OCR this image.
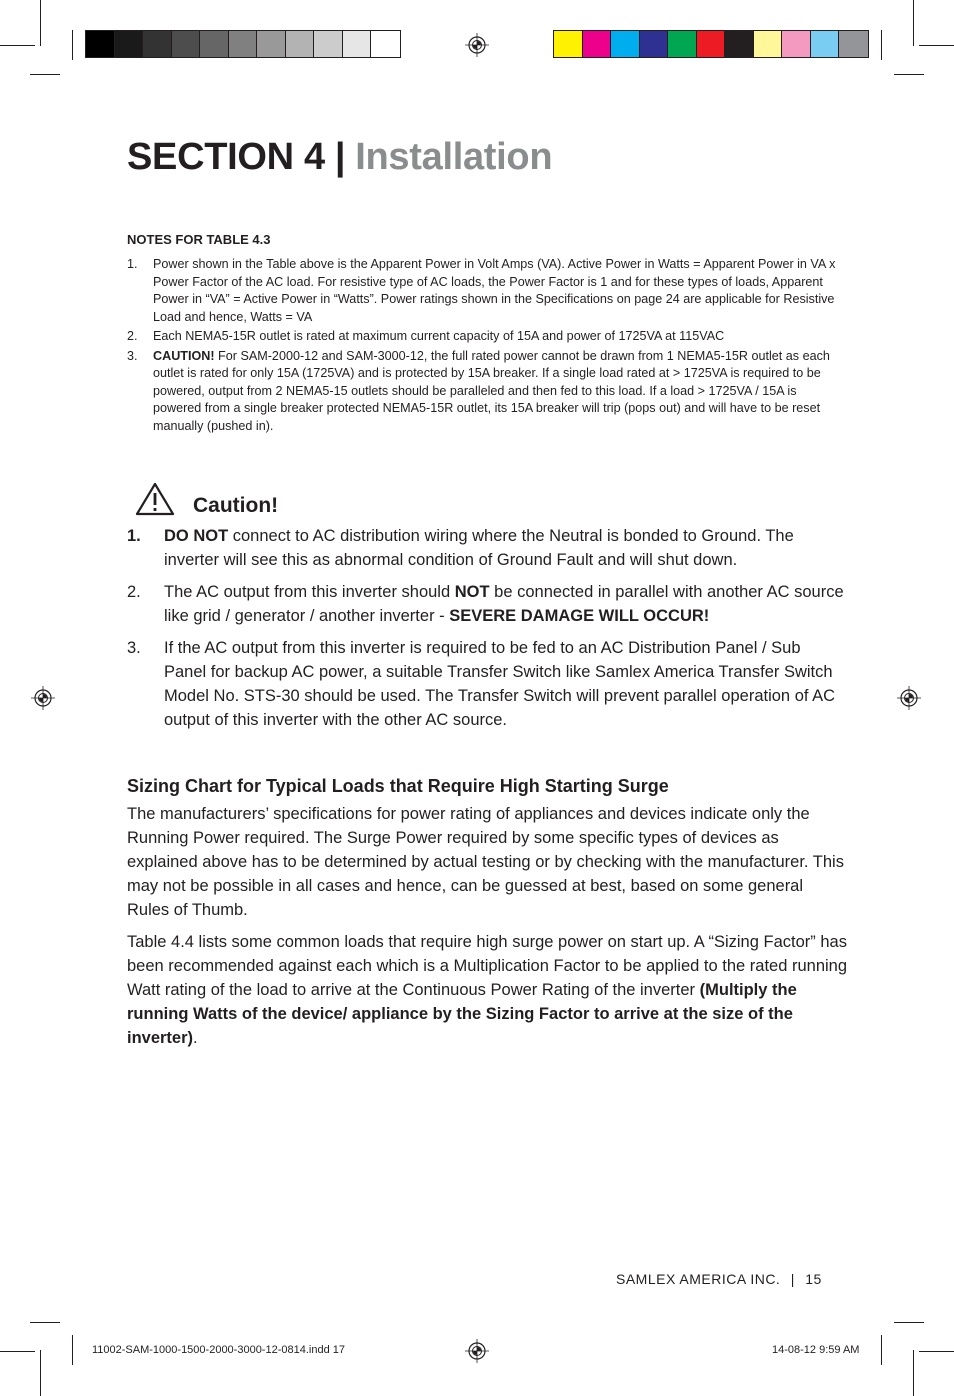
SECTION 4 | Installation
NOTES FOR TABLE 4.3
1.	Power shown in the Table above is the Apparent Power in Volt Amps (VA). Active Power in Watts = Apparent Power in VA x Power Factor of the AC load. For resistive type of AC loads, the Power Factor is 1 and for these types of loads, Apparent Power in “VA” = Active Power in “Watts”. Power ratings shown in the Specifications on page 24 are applicable for Resistive Load and hence, Watts = VA
2.	Each NEMA5-15R outlet is rated at maximum current capacity of 15A and power of 1725VA at 115VAC
3.	CAUTION! For SAM-2000-12 and SAM-3000-12, the full rated power cannot be drawn from 1 NEMA5-15R outlet as each outlet is rated for only 15A (1725VA) and is protected by 15A breaker. If a single load rated at > 1725VA is required to be powered, output from 2 NEMA5-15 outlets should be paralleled and then fed to this load. If a load > 1725VA / 15A is powered from a single breaker protected NEMA5-15R outlet, its 15A breaker will trip (pops out) and will have to be reset manually (pushed in).
Caution!
1.	DO NOT connect to AC distribution wiring where the Neutral is bonded to Ground. The inverter will see this as abnormal condition of Ground Fault and will shut down.
2.	The AC output from this inverter should NOT be connected in parallel with another AC source like grid / generator / another inverter - SEVERE DAMAGE WILL OCCUR!
3.	If the AC output from this inverter is required to be fed to an AC Distribution Panel / Sub Panel for backup AC power, a suitable Transfer Switch like Samlex America Transfer Switch Model No. STS-30 should be used. The Transfer Switch will prevent parallel operation of AC output of this inverter with the other AC source.
Sizing Chart for Typical Loads that Require High Starting Surge
The manufacturers’ specifications for power rating of appliances and devices indicate only the Running Power required. The Surge Power required by some specific types of devices as explained above has to be determined by actual testing or by checking with the manufacturer. This may not be possible in all cases and hence, can be guessed at best, based on some general Rules of Thumb.
Table 4.4 lists some common loads that require high surge power on start up. A “Sizing Factor” has been recommended against each which is a Multiplication Factor to be applied to the rated running Watt rating of the load to arrive at the Continuous Power Rating of the inverter (Multiply the running Watts of the device/ appliance by the Sizing Factor to arrive at the size of the inverter).
SAMLEX AMERICA INC. | 15
11002-SAM-1000-1500-2000-3000-12-0814.indd 17	14-08-12 9:59 AM
